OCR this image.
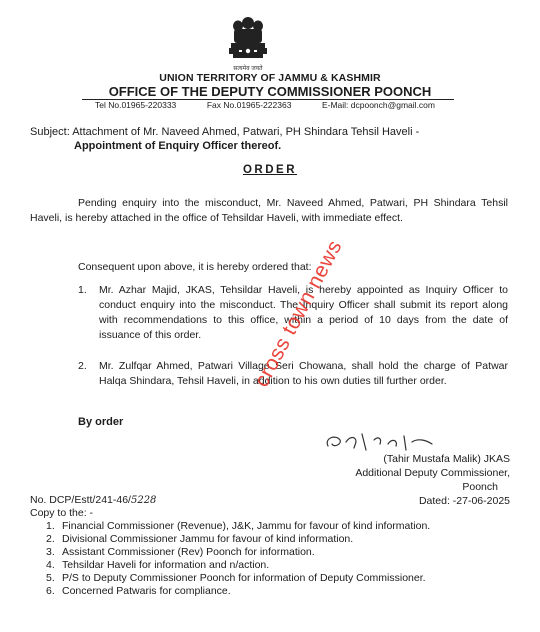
सत्यमेव जयते
UNION TERRITORY OF JAMMU & KASHMIR
OFFICE OF THE DEPUTY COMMISSIONER POONCH
Tel No.01965-220333	Fax No.01965-222363	E-Mail: dcpoonch@gmail.com
Subject: Attachment of Mr. Naveed Ahmed, Patwari, PH Shindara Tehsil Haveli -
Appointment of Enquiry Officer thereof.
ORDER
Pending enquiry into the misconduct, Mr. Naveed Ahmed, Patwari, PH Shindara Tehsil Haveli, is hereby attached in the office of Tehsildar Haveli, with immediate effect.
Consequent upon above, it is hereby ordered that:
1. Mr. Azhar Majid, JKAS, Tehsildar Haveli, is hereby appointed as Inquiry Officer to conduct enquiry into the misconduct. The Inquiry Officer shall submit its report along with recommendations to this office, within a period of 10 days from the date of issuance of this order.
2. Mr. Zulfqar Ahmed, Patwari Village Seri Chowana, shall hold the charge of Patwar Halqa Shindara, Tehsil Haveli, in addition to his own duties till further order.
By order
(Tahir Mustafa Malik) JKAS
Additional Deputy Commissioner,
Poonch
Dated: -27-06-2025
No. DCP/Estt/241-46/5228
Copy to the: -
1. Financial Commissioner (Revenue), J&K, Jammu for favour of kind information.
2. Divisional Commissioner Jammu for favour of kind information.
3. Assistant Commissioner (Rev) Poonch for information.
4. Tehsildar Haveli for information and n/action.
5. P/S to Deputy Commissioner Poonch for information of Deputy Commissioner.
6. Concerned Patwaris for compliance.
cross town news
